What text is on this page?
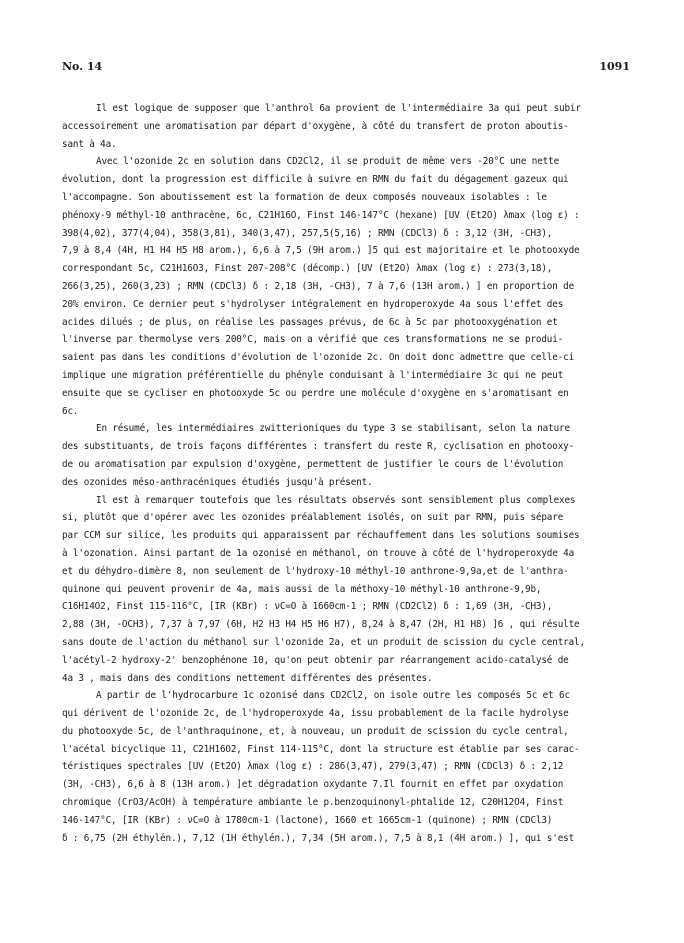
No. 14	1091
Il est logique de supposer que l'anthrol 6a provient de l'intermédiaire 3a qui peut subir
accessoirement une aromatisation par départ d'oxygène, à côté du transfert de proton aboutis-
sant à 4a.
Avec l'ozonide 2c en solution dans CD2Cl2, il se produit de même vers -20°C une nette
évolution, dont la progression est difficile à suivre en RMN du fait du dégagement gazeux qui
l'accompagne. Son aboutissement est la formation de deux composés nouveaux isolables : le
phénoxy-9 méthyl-10 anthracène, 6c, C21H16O, Finst 146-147°C (hexane) [UV (Et2O) λmax (log ε) :
398(4,02), 377(4,04), 358(3,81), 340(3,47), 257,5(5,16) ; RMN (CDCl3) δ : 3,12 (3H, -CH3),
7,9 à 8,4 (4H, H1 H4 H5 H8 arom.), 6,6 à 7,5 (9H arom.) ]5 qui est majoritaire et le photooxyde
correspondant 5c, C21H16O3, Finst 207-208°C (décomp.) [UV (Et2O) λmax (log ε) : 273(3,18),
266(3,25), 260(3,23) ; RMN (CDCl3) δ : 2,18 (3H, -CH3), 7 à 7,6 (13H arom.) ] en proportion de
20% environ. Ce dernier peut s'hydrolyser intégralement en hydroperoxyde 4a sous l'effet des
acides dilués ; de plus, on réalise les passages prévus, de 6c à 5c par photooxygénation et
l'inverse par thermolyse vers 200°C, mais on a vérifié que ces transformations ne se produi-
saient pas dans les conditions d'évolution de l'ozonide 2c. On doit donc admettre que celle-ci
implique une migration préférentielle du phényle conduisant à l'intermédiaire 3c qui ne peut
ensuite que se cycliser en photooxyde 5c ou perdre une molécule d'oxygène en s'aromatisant en
6c.
En résumé, les intermédiaires zwitterioniques du type 3 se stabilisant, selon la nature
des substituants, de trois façons différentes : transfert du reste R, cyclisation en photooxy-
de ou aromatisation par expulsion d'oxygène, permettent de justifier le cours de l'évolution
des ozonides méso-anthracéniques étudiés jusqu'à présent.
Il est à remarquer toutefois que les résultats observés sont sensiblement plus complexes
si, plutôt que d'opérer avec les ozonides préalablement isolés, on suit par RMN, puis sépare
par CCM sur silice, les produits qui apparaissent par réchauffement dans les solutions soumises
à l'ozonation. Ainsi partant de 1a ozonisé en méthanol, on trouve à côté de l'hydroperoxyde 4a
et du déhydro-dimère 8, non seulement de l'hydroxy-10 méthyl-10 anthrone-9,9a,et de l'anthra-
quinone qui peuvent provenir de 4a, mais aussi de la méthoxy-10 méthyl-10 anthrone-9,9b,
C16H14O2, Finst 115-116°C, [IR (KBr) : νC=O à 1660cm-1 ; RMN (CD2Cl2) δ : 1,69 (3H, -CH3),
2,88 (3H, -OCH3), 7,37 à 7,97 (6H, H2 H3 H4 H5 H6 H7), 8,24 à 8,47 (2H, H1 H8) ]6 , qui résulte
sans doute de l'action du méthanol sur l'ozonide 2a, et un produit de scission du cycle central,
l'acétyl-2 hydroxy-2' benzophénone 10, qu'on peut obtenir par réarrangement acido-catalysé de
4a 3 , mais dans des conditions nettement différentes des présentes.
A partir de l'hydrocarbure 1c ozonisé dans CD2Cl2, on isole outre les composés 5c et 6c
qui dérivent de l'ozonide 2c, de l'hydroperoxyde 4a, issu probablement de la facile hydrolyse
du photooxyde 5c, de l'anthraquinone, et, à nouveau, un produit de scission du cycle central,
l'acétal bicyclique 11, C21H16O2, Finst 114-115°C, dont la structure est établie par ses carac-
téristiques spectrales [UV (Et2O) λmax (log ε) : 286(3,47), 279(3,47) ; RMN (CDCl3) δ : 2,12
(3H, -CH3), 6,6 à 8 (13H arom.) ]et dégradation oxydante 7.Il fournit en effet par oxydation
chromique (CrO3/AcOH) à température ambiante le p.benzoquinonyl-phtalide 12, C20H12O4, Finst
146-147°C, [IR (KBr) : νC=O à 1780cm-1 (lactone), 1660 et 1665cm-1 (quinone) ; RMN (CDCl3)
δ : 6,75 (2H éthylén.), 7,12 (1H éthylén.), 7,34 (5H arom.), 7,5 à 8,1 (4H arom.) ], qui s'est
